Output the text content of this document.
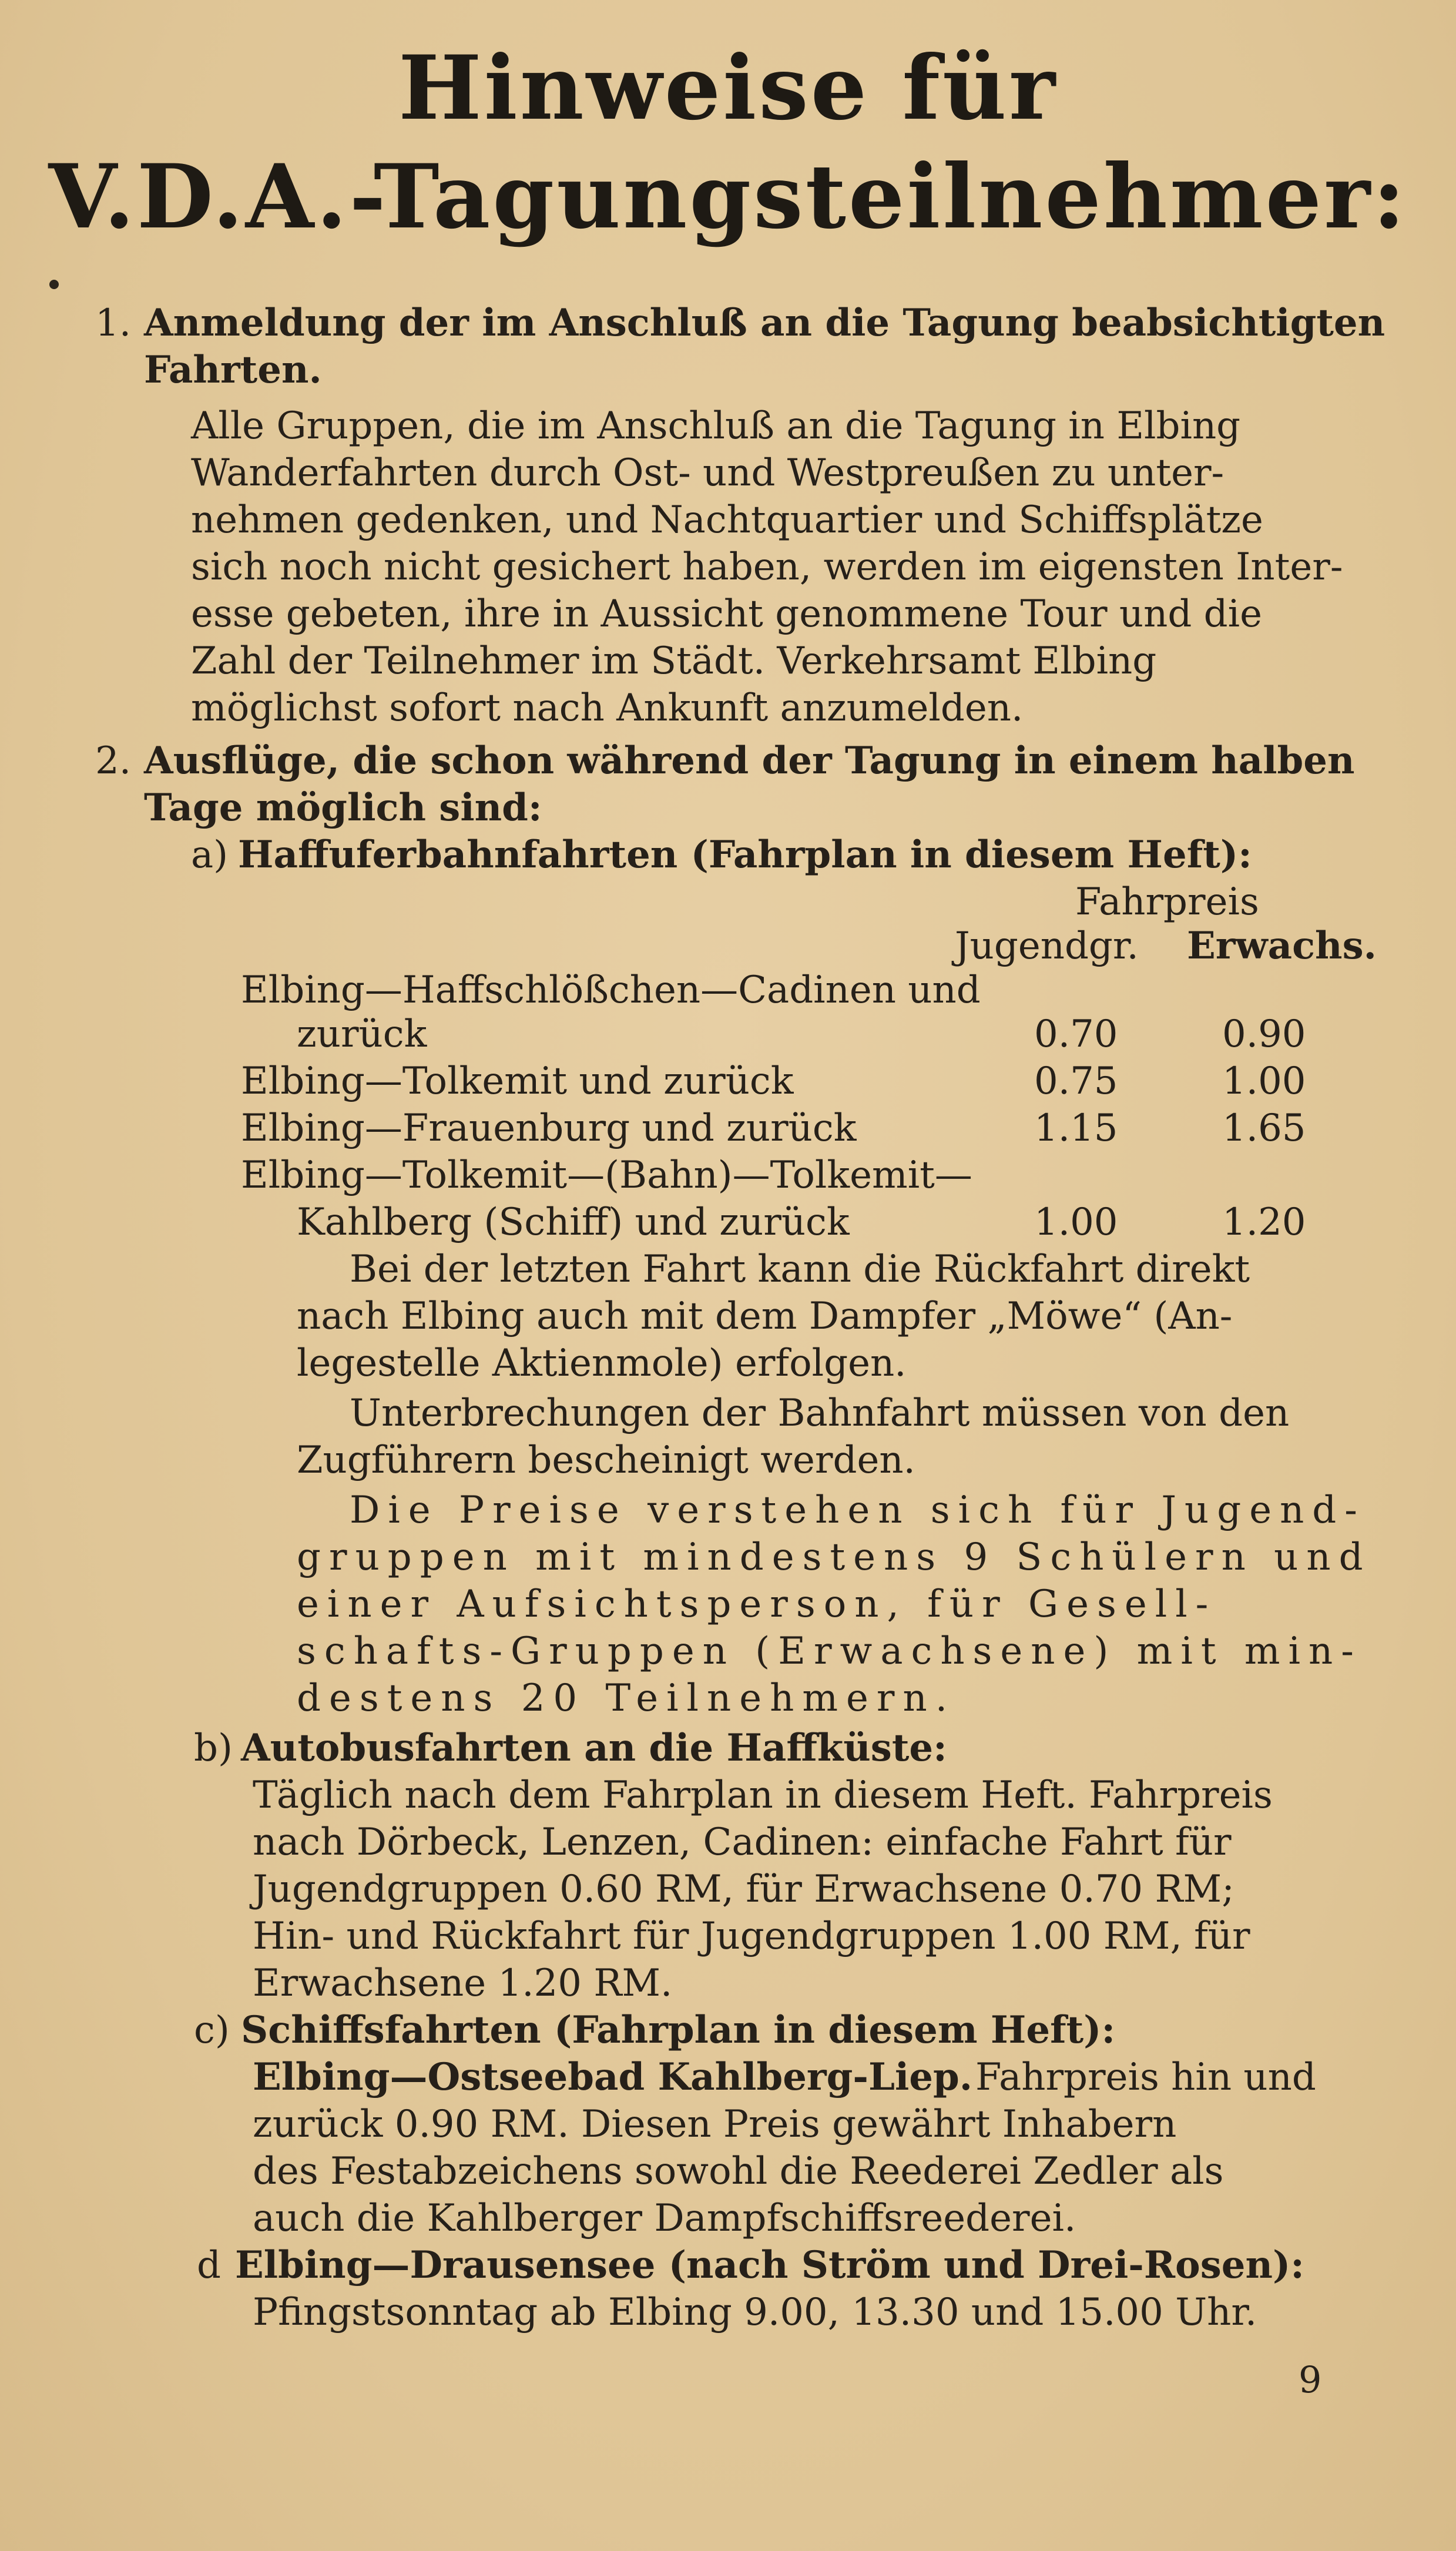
Hinweise für
V.D.A.-Tagungsteilnehmer:
1. Anmeldung der im Anschluß an die Tagung beabsichtigten
Fahrten.
Alle Gruppen, die im Anschluß an die Tagung in Elbing
Wanderfahrten durch Ost- und Westpreußen zu unter-
nehmen gedenken, und Nachtquartier und Schiffsplätze
sich noch nicht gesichert haben, werden im eigensten Inter-
esse gebeten, ihre in Aussicht genommene Tour und die
Zahl der Teilnehmer im Städt. Verkehrsamt Elbing
möglichst sofort nach Ankunft anzumelden.
2. Ausflüge, die schon während der Tagung in einem halben
Tage möglich sind:
a) Haffuferbahnfahrten (Fahrplan in diesem Heft):
Fahrpreis
Jugendgr. Erwachs.
Elbing—Haffschlößchen—Cadinen und
zurück	0.70	0.90
Elbing—Tolkemit und zurück	0.75	1.00
Elbing—Frauenburg und zurück	1.15	1.65
Elbing—Tolkemit—(Bahn)—Tolkemit—
Kahlberg (Schiff) und zurück	1.00	1.20
Bei der letzten Fahrt kann die Rückfahrt direkt
nach Elbing auch mit dem Dampfer „Möwe“ (An-
legestelle Aktienmole) erfolgen.
Unterbrechungen der Bahnfahrt müssen von den
Zugführern bescheinigt werden.
Die Preise verstehen sich für Jugend-
gruppen mit mindestens 9 Schülern und
einer Aufsichtsperson, für Gesell-
schafts-Gruppen (Erwachsene) mit min-
destens 20 Teilnehmern.
b) Autobusfahrten an die Haffküste:
Täglich nach dem Fahrplan in diesem Heft. Fahrpreis
nach Dörbeck, Lenzen, Cadinen: einfache Fahrt für
Jugendgruppen 0.60 RM, für Erwachsene 0.70 RM;
Hin- und Rückfahrt für Jugendgruppen 1.00 RM, für
Erwachsene 1.20 RM.
c) Schiffsfahrten (Fahrplan in diesem Heft):
Elbing—Ostseebad Kahlberg-Liep. Fahrpreis hin und
zurück 0.90 RM. Diesen Preis gewährt Inhabern
des Festabzeichens sowohl die Reederei Zedler als
auch die Kahlberger Dampfschiffsreederei.
d Elbing—Drausensee (nach Ström und Drei-Rosen):
Pfingstsonntag ab Elbing 9.00, 13.30 und 15.00 Uhr.
9
